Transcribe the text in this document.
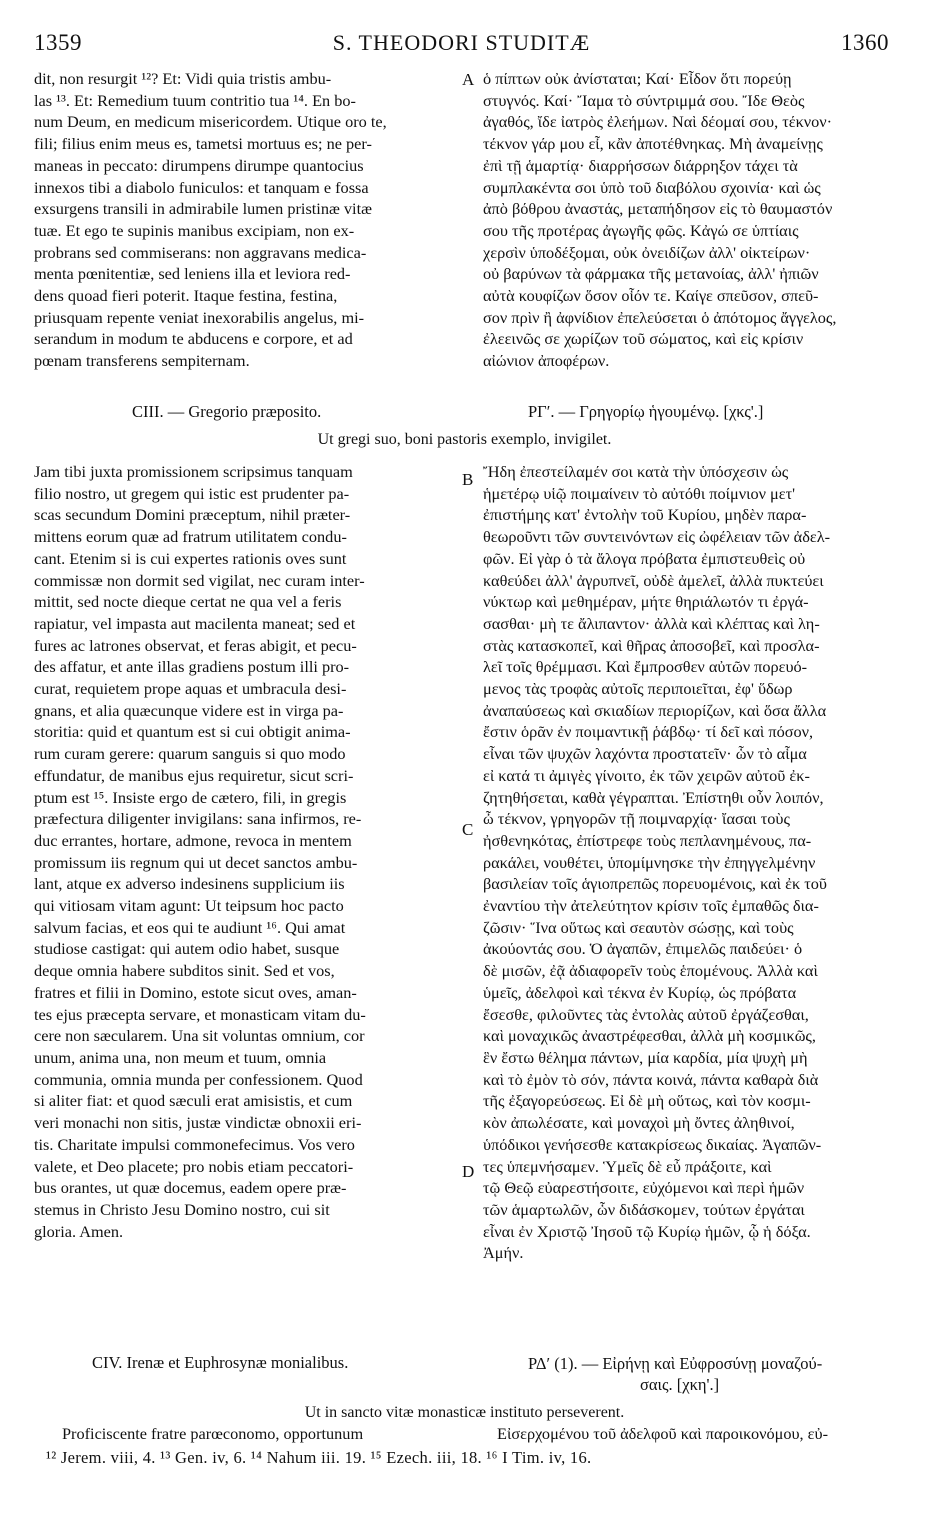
1359	S. THEODORI STUDITÆ	1360

dit, non resurgit ¹²? Et: Vidi quia tristis ambu-

las ¹³. Et: Remedium tuum contritio tua ¹⁴. En bo-

num Deum, en medicum misericordem. Utique oro te,

fili; filius enim meus es, tametsi mortuus es; ne per-

maneas in peccato: dirumpens dirumpe quantocius

innexos tibi a diabolo funiculos: et tanquam e fossa

exsurgens transili in admirabile lumen pristinæ vitæ

tuæ. Et ego te supinis manibus excipiam, non ex-

probrans sed commiserans: non aggravans medica-

menta pœnitentiæ, sed leniens illa et leviora red-

dens quoad fieri poterit. Itaque festina, festina,

priusquam repente veniat inexorabilis angelus, mi-

serandum in modum te abducens e corpore, et ad

pœnam transferens sempiternam.

ὁ πίπτων οὐκ ἀνίσταται; Καί· Εἶδον ὅτι πορεύῃ

στυγνός. Καί· Ἴαμα τὸ σύντριμμά σου. Ἴδε Θεὸς

ἀγαθός, ἴδε ἰατρὸς ἐλεήμων. Ναὶ δέομαί σου, τέκνον·

τέκνον γάρ μου εἶ, κἂν ἀποτέθνηκας. Μὴ ἀναμείνῃς

ἐπὶ τῇ ἁμαρτίᾳ· διαρρήσσων διάρρηξον τάχει τὰ

συμπλακέντα σοι ὑπὸ τοῦ διαβόλου σχοινία· καὶ ὡς

ἀπὸ βόθρου ἀναστάς, μεταπήδησον εἰς τὸ θαυμαστόν

σου τῆς προτέρας ἀγωγῆς φῶς. Κἀγώ σε ὑπτίαις

χερσὶν ὑποδέξομαι, οὐκ ὀνειδίζων ἀλλ' οἰκτείρων·

οὐ βαρύνων τὰ φάρμακα τῆς μετανοίας, ἀλλ' ἠπιῶν

αὐτὰ κουφίζων ὅσον οἷόν τε. Καίγε σπεῦσον, σπεῦ-

σον πρὶν ἢ ἀφνίδιον ἐπελεύσεται ὁ ἀπότομος ἄγγελος,

ἐλεεινῶς σε χωρίζων τοῦ σώματος, καὶ εἰς κρίσιν

αἰώνιον ἀποφέρων.

A
CIII. — Gregorio præposito.	ΡΓʹ. — Γρηγορίῳ ἡγουμένῳ. [χκς'.]
Ut gregi suo, boni pastoris exemplo, invigilet.

Jam tibi juxta promissionem scripsimus tanquam

filio nostro, ut gregem qui istic est prudenter pa-

scas secundum Domini præceptum, nihil præter-

mittens eorum quæ ad fratrum utilitatem condu-

cant. Etenim si is cui expertes rationis oves sunt

commissæ non dormit sed vigilat, nec curam inter-

mittit, sed nocte dieque certat ne qua vel a feris

rapiatur, vel impasta aut macilenta maneat; sed et

fures ac latrones observat, et feras abigit, et pecu-

des affatur, et ante illas gradiens postum illi pro-

curat, requietem prope aquas et umbracula desi-

gnans, et alia quæcunque videre est in virga pa-

storitia: quid et quantum est si cui obtigit anima-

rum curam gerere: quarum sanguis si quo modo

effundatur, de manibus ejus requiretur, sicut scri-

ptum est ¹⁵. Insiste ergo de cætero, fili, in gregis

præfectura diligenter invigilans: sana infirmos, re-

duc errantes, hortare, admone, revoca in mentem

promissum iis regnum qui ut decet sanctos ambu-

lant, atque ex adverso indesinens supplicium iis

qui vitiosam vitam agunt: Ut teipsum hoc pacto

salvum facias, et eos qui te audiunt ¹⁶. Qui amat

studiose castigat: qui autem odio habet, susque

deque omnia habere subditos sinit. Sed et vos,

fratres et filii in Domino, estote sicut oves, aman-

tes ejus præcepta servare, et monasticam vitam du-

cere non sæcularem. Una sit voluntas omnium, cor

unum, anima una, non meum et tuum, omnia

communia, omnia munda per confessionem. Quod

si aliter fiat: et quod sæculi erat amisistis, et cum

veri monachi non sitis, justæ vindictæ obnoxii eri-

tis. Charitate impulsi commonefecimus. Vos vero

valete, et Deo placete; pro nobis etiam peccatori-

bus orantes, ut quæ docemus, eadem opere præ-

stemus in Christo Jesu Domino nostro, cui sit

gloria. Amen.

Ἤδη ἐπεστείλαμέν σοι κατὰ τὴν ὑπόσχεσιν ὡς

ἡμετέρῳ υἱῷ ποιμαίνειν τὸ αὐτόθι ποίμνιον μετ'

ἐπιστήμης κατ' ἐντολὴν τοῦ Κυρίου, μηδὲν παρα-

θεωροῦντι τῶν συντεινόντων εἰς ὠφέλειαν τῶν ἀδελ-

φῶν. Εἰ γὰρ ὁ τὰ ἄλογα πρόβατα ἐμπιστευθεὶς οὐ

καθεύδει ἀλλ' ἀγρυπνεῖ, οὐδὲ ἀμελεῖ, ἀλλὰ πυκτεύει

νύκτωρ καὶ μεθημέραν, μήτε θηριάλωτόν τι ἐργά-

σασθαι· μὴ τε ἄλιπαντον· ἀλλὰ καὶ κλέπτας καὶ λη-

στὰς κατασκοπεῖ, καὶ θῆρας ἀποσοβεῖ, καὶ προσλα-

λεῖ τοῖς θρέμμασι. Καὶ ἔμπροσθεν αὐτῶν πορευό-

μενος τὰς τροφὰς αὐτοῖς περιποιεῖται, ἐφ' ὕδωρ

ἀναπαύσεως καὶ σκιαδίων περιορίζων, καὶ ὅσα ἄλλα

ἔστιν ὁρᾶν ἐν ποιμαντικῇ ῥάβδῳ· τί δεῖ καὶ πόσον,

εἶναι τῶν ψυχῶν λαχόντα προστατεῖν· ὧν τὸ αἷμα

εἰ κατά τι ἀμιγὲς γίνοιτο, ἐκ τῶν χειρῶν αὐτοῦ ἐκ-

ζητηθήσεται, καθὰ γέγραπται. Ἐπίστηθι οὖν λοιπόν,

ὦ τέκνον, γρηγορῶν τῇ ποιμναρχίᾳ· ἴασαι τοὺς

ἠσθενηκότας, ἐπίστρεφε τοὺς πεπλανημένους, πα-

ρακάλει, νουθέτει, ὑπομίμνησκε τὴν ἐπηγγελμένην

βασιλείαν τοῖς ἁγιοπρεπῶς πορευομένοις, καὶ ἐκ τοῦ

ἐναντίου τὴν ἀτελεύτητον κρίσιν τοῖς ἐμπαθῶς δια-

ζῶσιν· Ἵνα οὕτως καὶ σεαυτὸν σώσῃς, καὶ τοὺς

ἀκούοντάς σου. Ὁ ἀγαπῶν, ἐπιμελῶς παιδεύει· ὁ

δὲ μισῶν, ἐᾷ ἀδιαφορεῖν τοὺς ἑπομένους. Ἀλλὰ καὶ

ὑμεῖς, ἀδελφοὶ καὶ τέκνα ἐν Κυρίῳ, ὡς πρόβατα

ἔσεσθε, φιλοῦντες τὰς ἐντολὰς αὐτοῦ ἐργάζεσθαι,

καὶ μοναχικῶς ἀναστρέφεσθαι, ἀλλὰ μὴ κοσμικῶς,

ἓν ἔστω θέλημα πάντων, μία καρδία, μία ψυχὴ μὴ

καὶ τὸ ἐμὸν τὸ σόν, πάντα κοινά, πάντα καθαρὰ διὰ

τῆς ἐξαγορεύσεως. Εἰ δὲ μὴ οὕτως, καὶ τὸν κοσμι-

κὸν ἀπωλέσατε, καὶ μοναχοὶ μὴ ὄντες ἀληθινοί,

ὑπόδικοι γενήσεσθε κατακρίσεως δικαίας. Ἀγαπῶν-

τες ὑπεμνήσαμεν. Ὑμεῖς δὲ εὖ πράξοιτε, καὶ

τῷ Θεῷ εὐαρεστήσοιτε, εὐχόμενοι καὶ περὶ ἡμῶν

τῶν ἁμαρτωλῶν, ὧν διδάσκομεν, τούτων ἐργάται

εἶναι ἐν Χριστῷ Ἰησοῦ τῷ Κυρίῳ ἡμῶν, ᾧ ἡ δόξα.

Ἀμήν.

B
C
D
CIV. Irenæ et Euphrosynæ monialibus.	ΡΔʹ (1). — Εἰρήνῃ καὶ Εὐφροσύνῃ μοναζού-
σαις. [χκη'.]
Ut in sancto vitæ monasticæ instituto perseverent.
Proficiscente fratre parœconomo, opportunum	Εἰσερχομένου τοῦ ἀδελφοῦ καὶ παροικονόμου, εὐ-
¹² Jerem. viii, 4. ¹³ Gen. iv, 6. ¹⁴ Nahum iii. 19. ¹⁵ Ezech. iii, 18. ¹⁶ I Tim. iv, 16.
